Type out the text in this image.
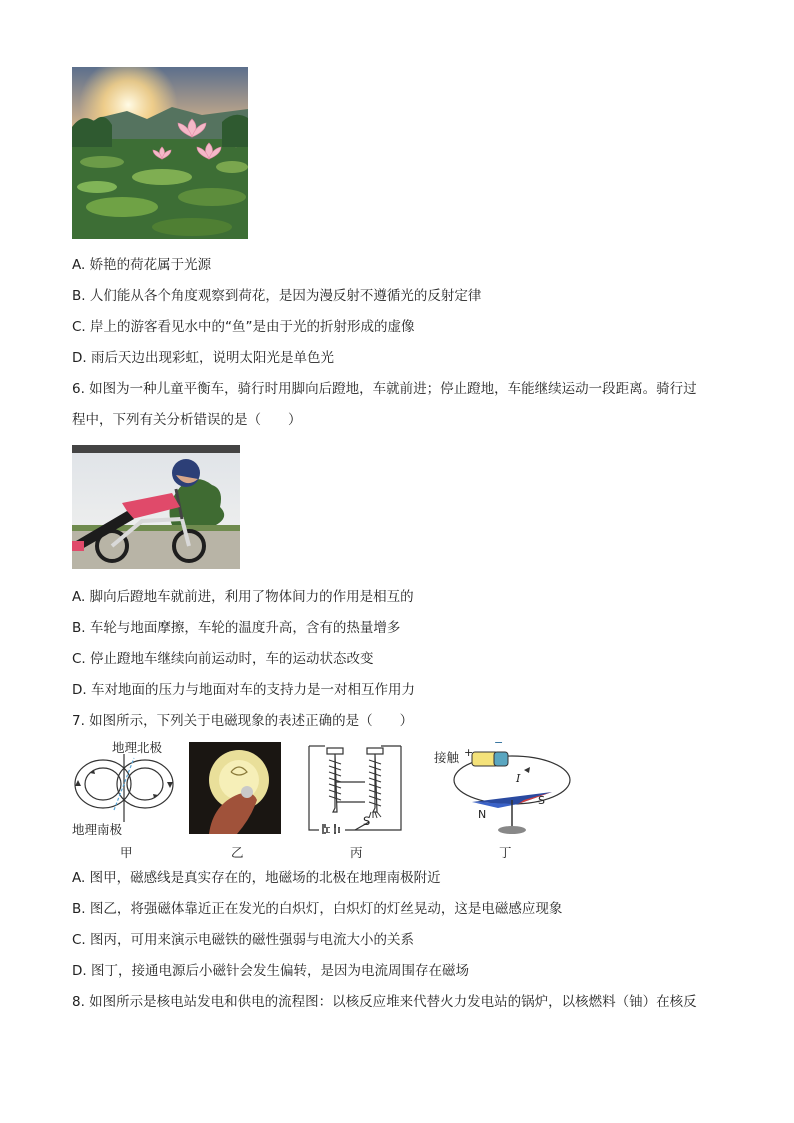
A. 娇艳的荷花属于光源
B. 人们能从各个角度观察到荷花，是因为漫反射不遵循光的反射定律
C. 岸上的游客看见水中的“鱼”是由于光的折射形成的虚像
D. 雨后天边出现彩虹，说明太阳光是单色光
6. 如图为一种儿童平衡车，骑行时用脚向后蹬地，车就前进；停止蹬地，车能继续运动一段距离。骑行过
程中，下列有关分析错误的是（　　）
A. 脚向后蹬地车就前进，利用了物体间力的作用是相互的
B. 车轮与地面摩擦，车轮的温度升高，含有的热量增多
C. 停止蹬地车继续向前运动时，车的运动状态改变
D. 车对地面的压力与地面对车的支持力是一对相互作用力
7. 如图所示，下列关于电磁现象的表述正确的是（　　）
地理北极
地理南极
甲	乙
S
丙
接触 +
−
I
N
S
丁
A. 图甲，磁感线是真实存在的，地磁场的北极在地理南极附近
B. 图乙，将强磁体靠近正在发光的白炽灯，白炽灯的灯丝晃动，这是电磁感应现象
C. 图丙，可用来演示电磁铁的磁性强弱与电流大小的关系
D. 图丁，接通电源后小磁针会发生偏转，是因为电流周围存在磁场
8. 如图所示是核电站发电和供电的流程图：以核反应堆来代替火力发电站的锅炉，以核燃料（铀）在核反
